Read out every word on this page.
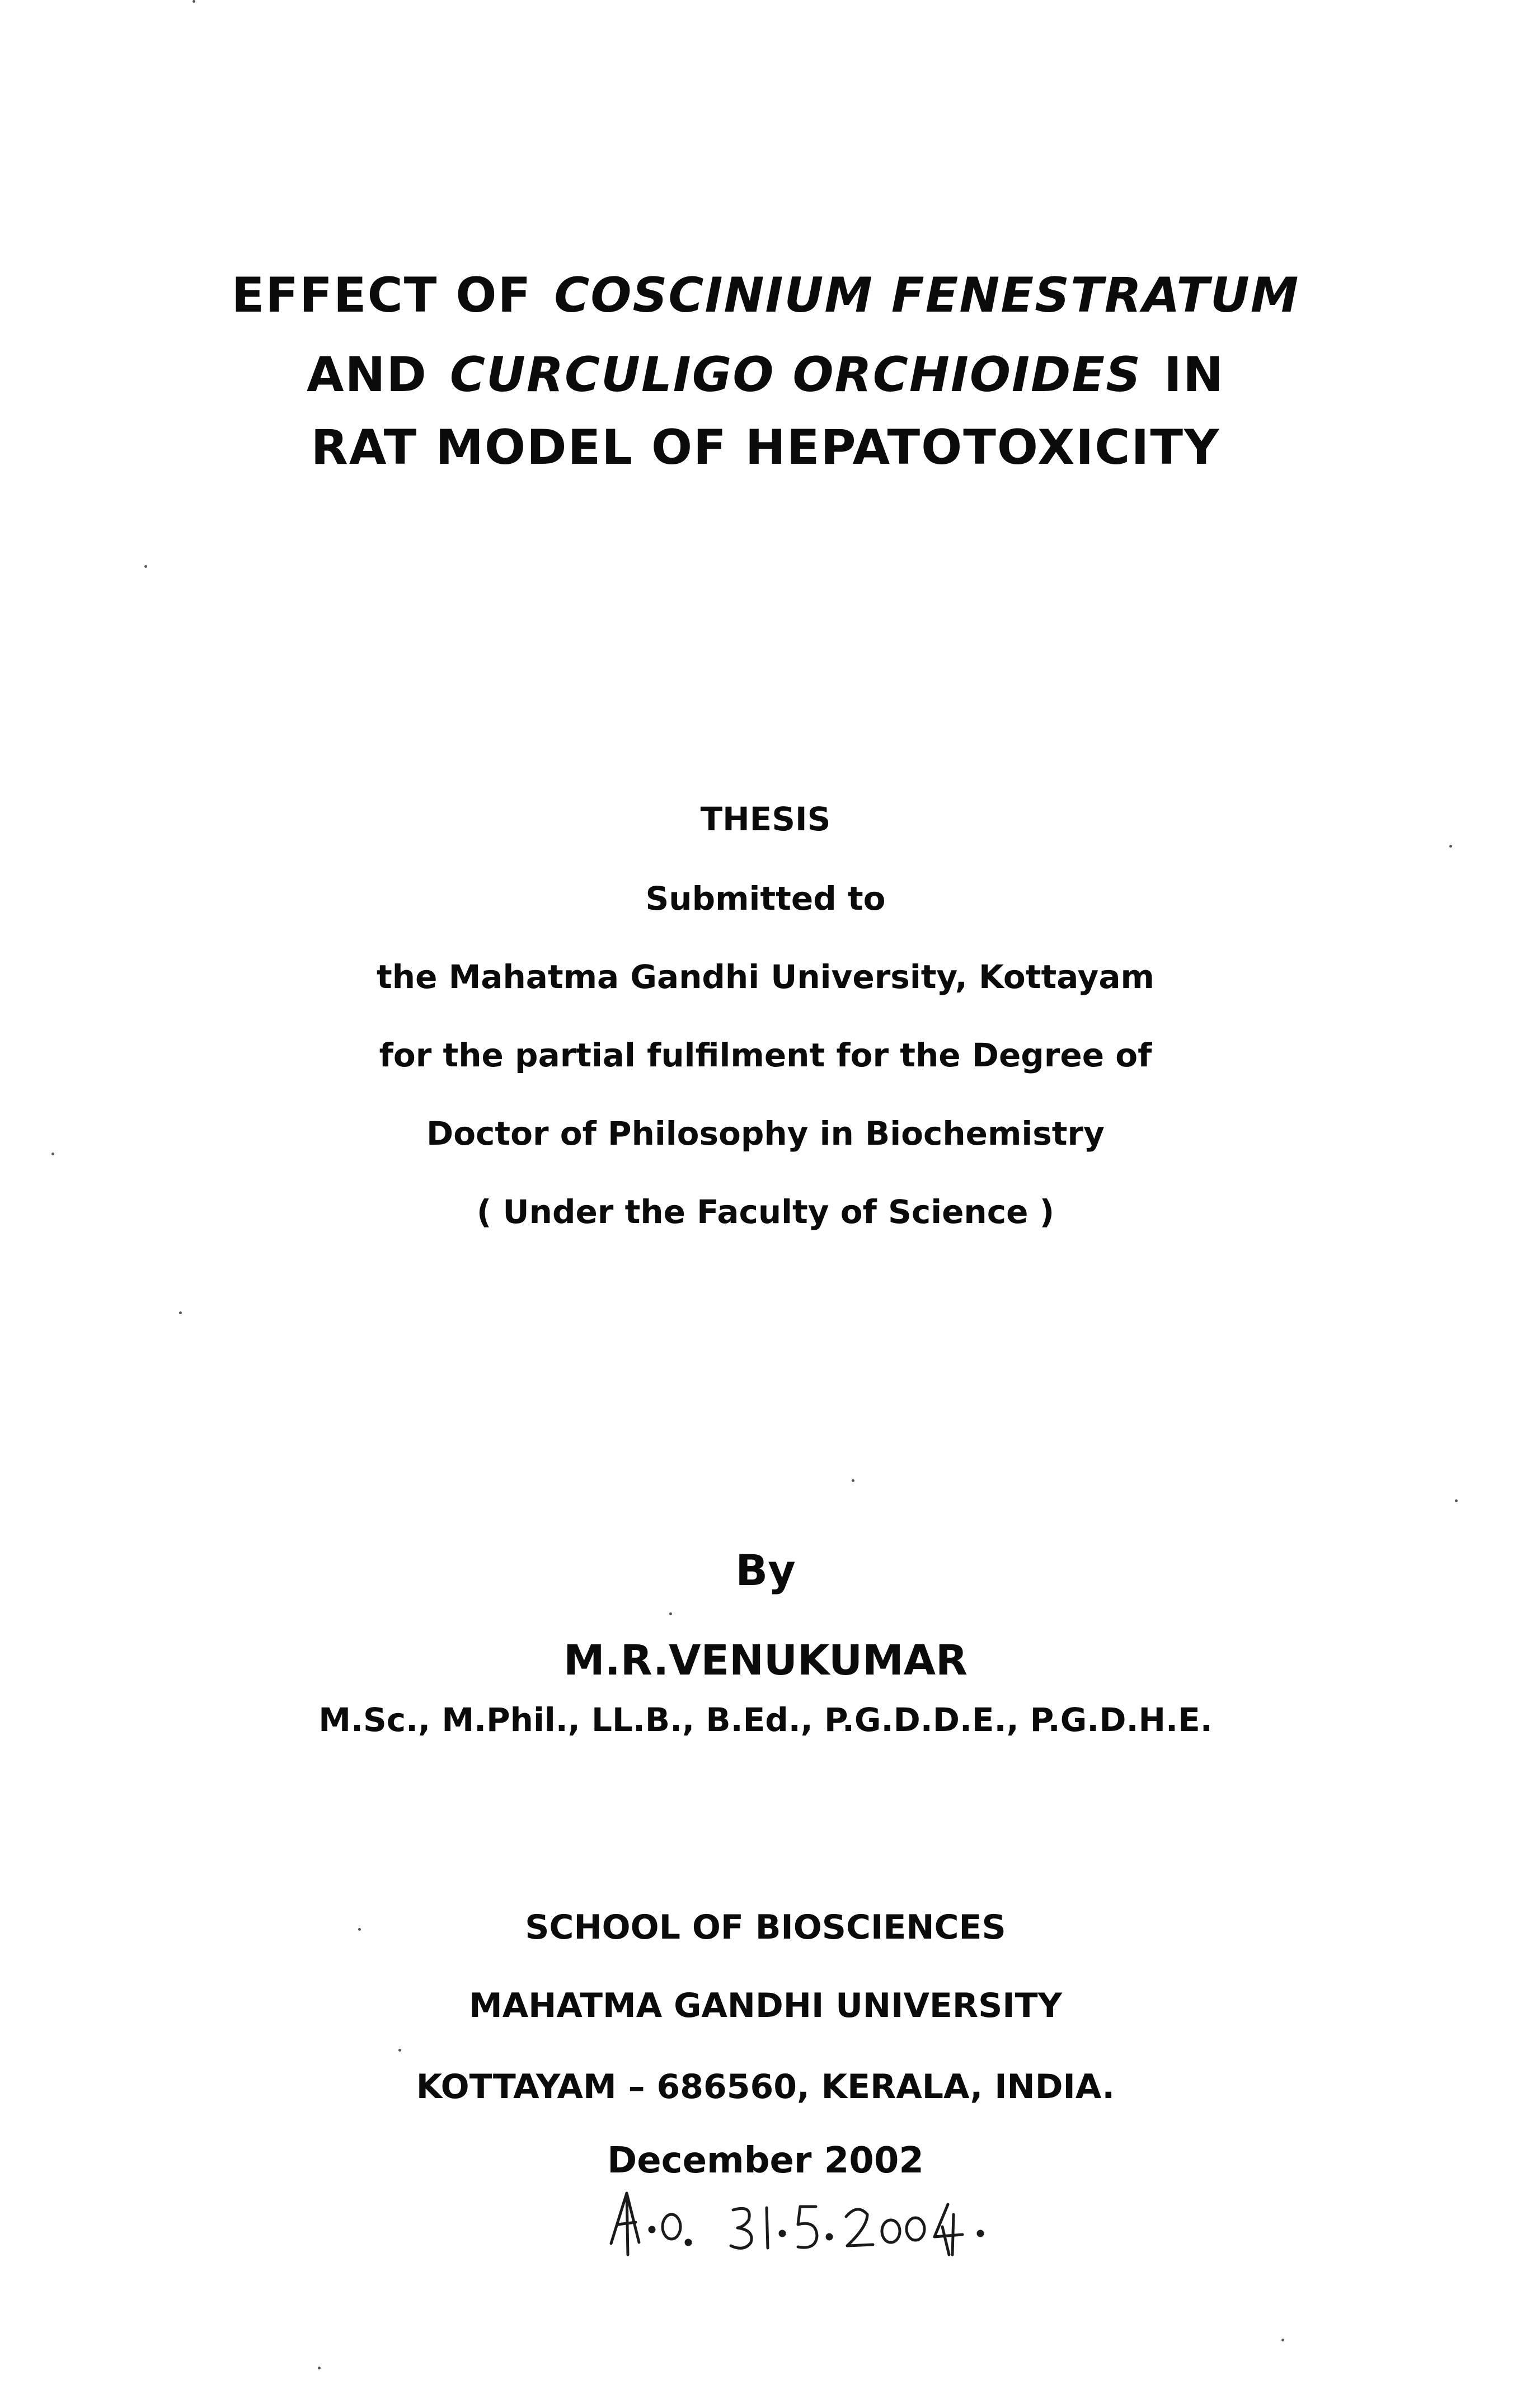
EFFECT OF COSCINIUM FENESTRATUM
AND CURCULIGO ORCHIOIDES IN
RAT MODEL OF HEPATOTOXICITY
THESIS
Submitted to
the Mahatma Gandhi University, Kottayam
for the partial fulfilment for the Degree of
Doctor of Philosophy in Biochemistry
( Under the Faculty of Science )
By
M.R.VENUKUMAR
M.Sc., M.Phil., LL.B., B.Ed., P.G.D.D.E., P.G.D.H.E.
SCHOOL OF BIOSCIENCES
MAHATMA GANDHI UNIVERSITY
KOTTAYAM – 686560, KERALA, INDIA.
December 2002
